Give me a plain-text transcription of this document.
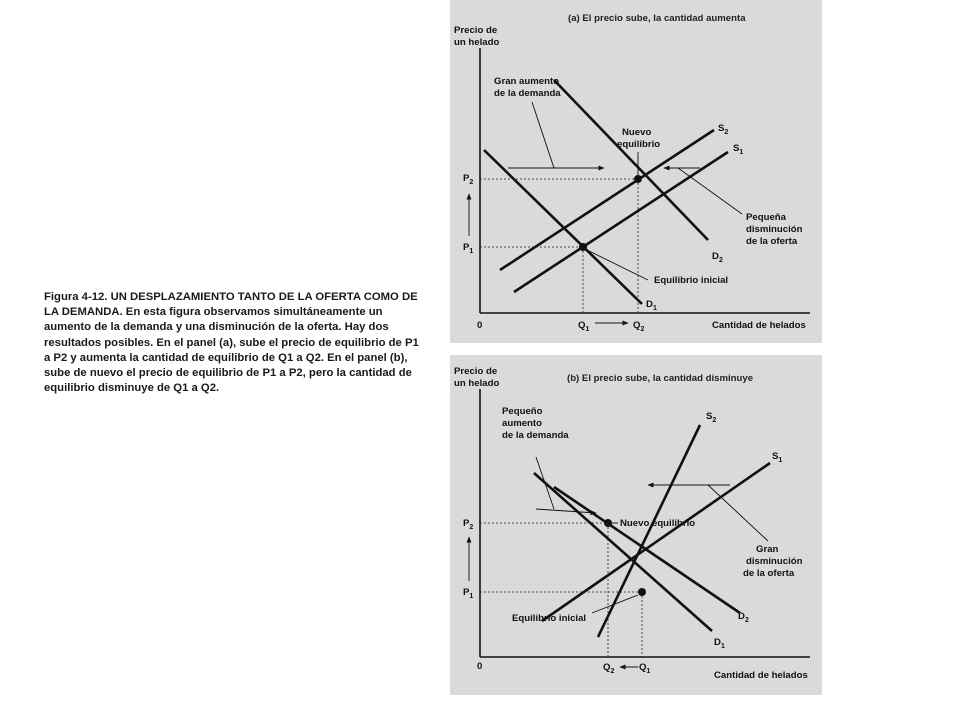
Figura 4-12. UN DESPLAZAMIENTO TANTO DE LA OFERTA COMO DE LA DEMANDA. En esta figura observamos simultáneamente un aumento de la demanda y una disminución de la oferta. Hay dos resultados posibles. En el panel (a), sube el precio de equilibrio de P1 a P2 y aumenta la cantidad de equilibrio de Q1 a Q2. En el panel (b), sube de nuevo el precio de equilibrio de P1 a P2, pero la cantidad de equilibrio disminuye de Q1 a Q2.
(a) El precio sube, la cantidad aumenta
Precio de
un helado
0	Cantidad de helados
Gran aumento
de la demanda
Nuevo
equilibrio
Pequeña
disminución
de la oferta
Equilibrio inicial
$S_2$
$S_1$
$D_2$
$D_1$
$P_2$
$P_1$
$Q_1$	$Q_2$
Precio de
un helado	(b) El precio sube, la cantidad disminuye
0
Cantidad de helados
Pequeño
aumento
de la demanda
Nuevo equilibrio
Gran
disminución
de la oferta
Equilibrio inicial
$S_2$
$S_1$
$D_2$
$D_1$
$P_2$
$P_1$
$Q_2$	$Q_1$
